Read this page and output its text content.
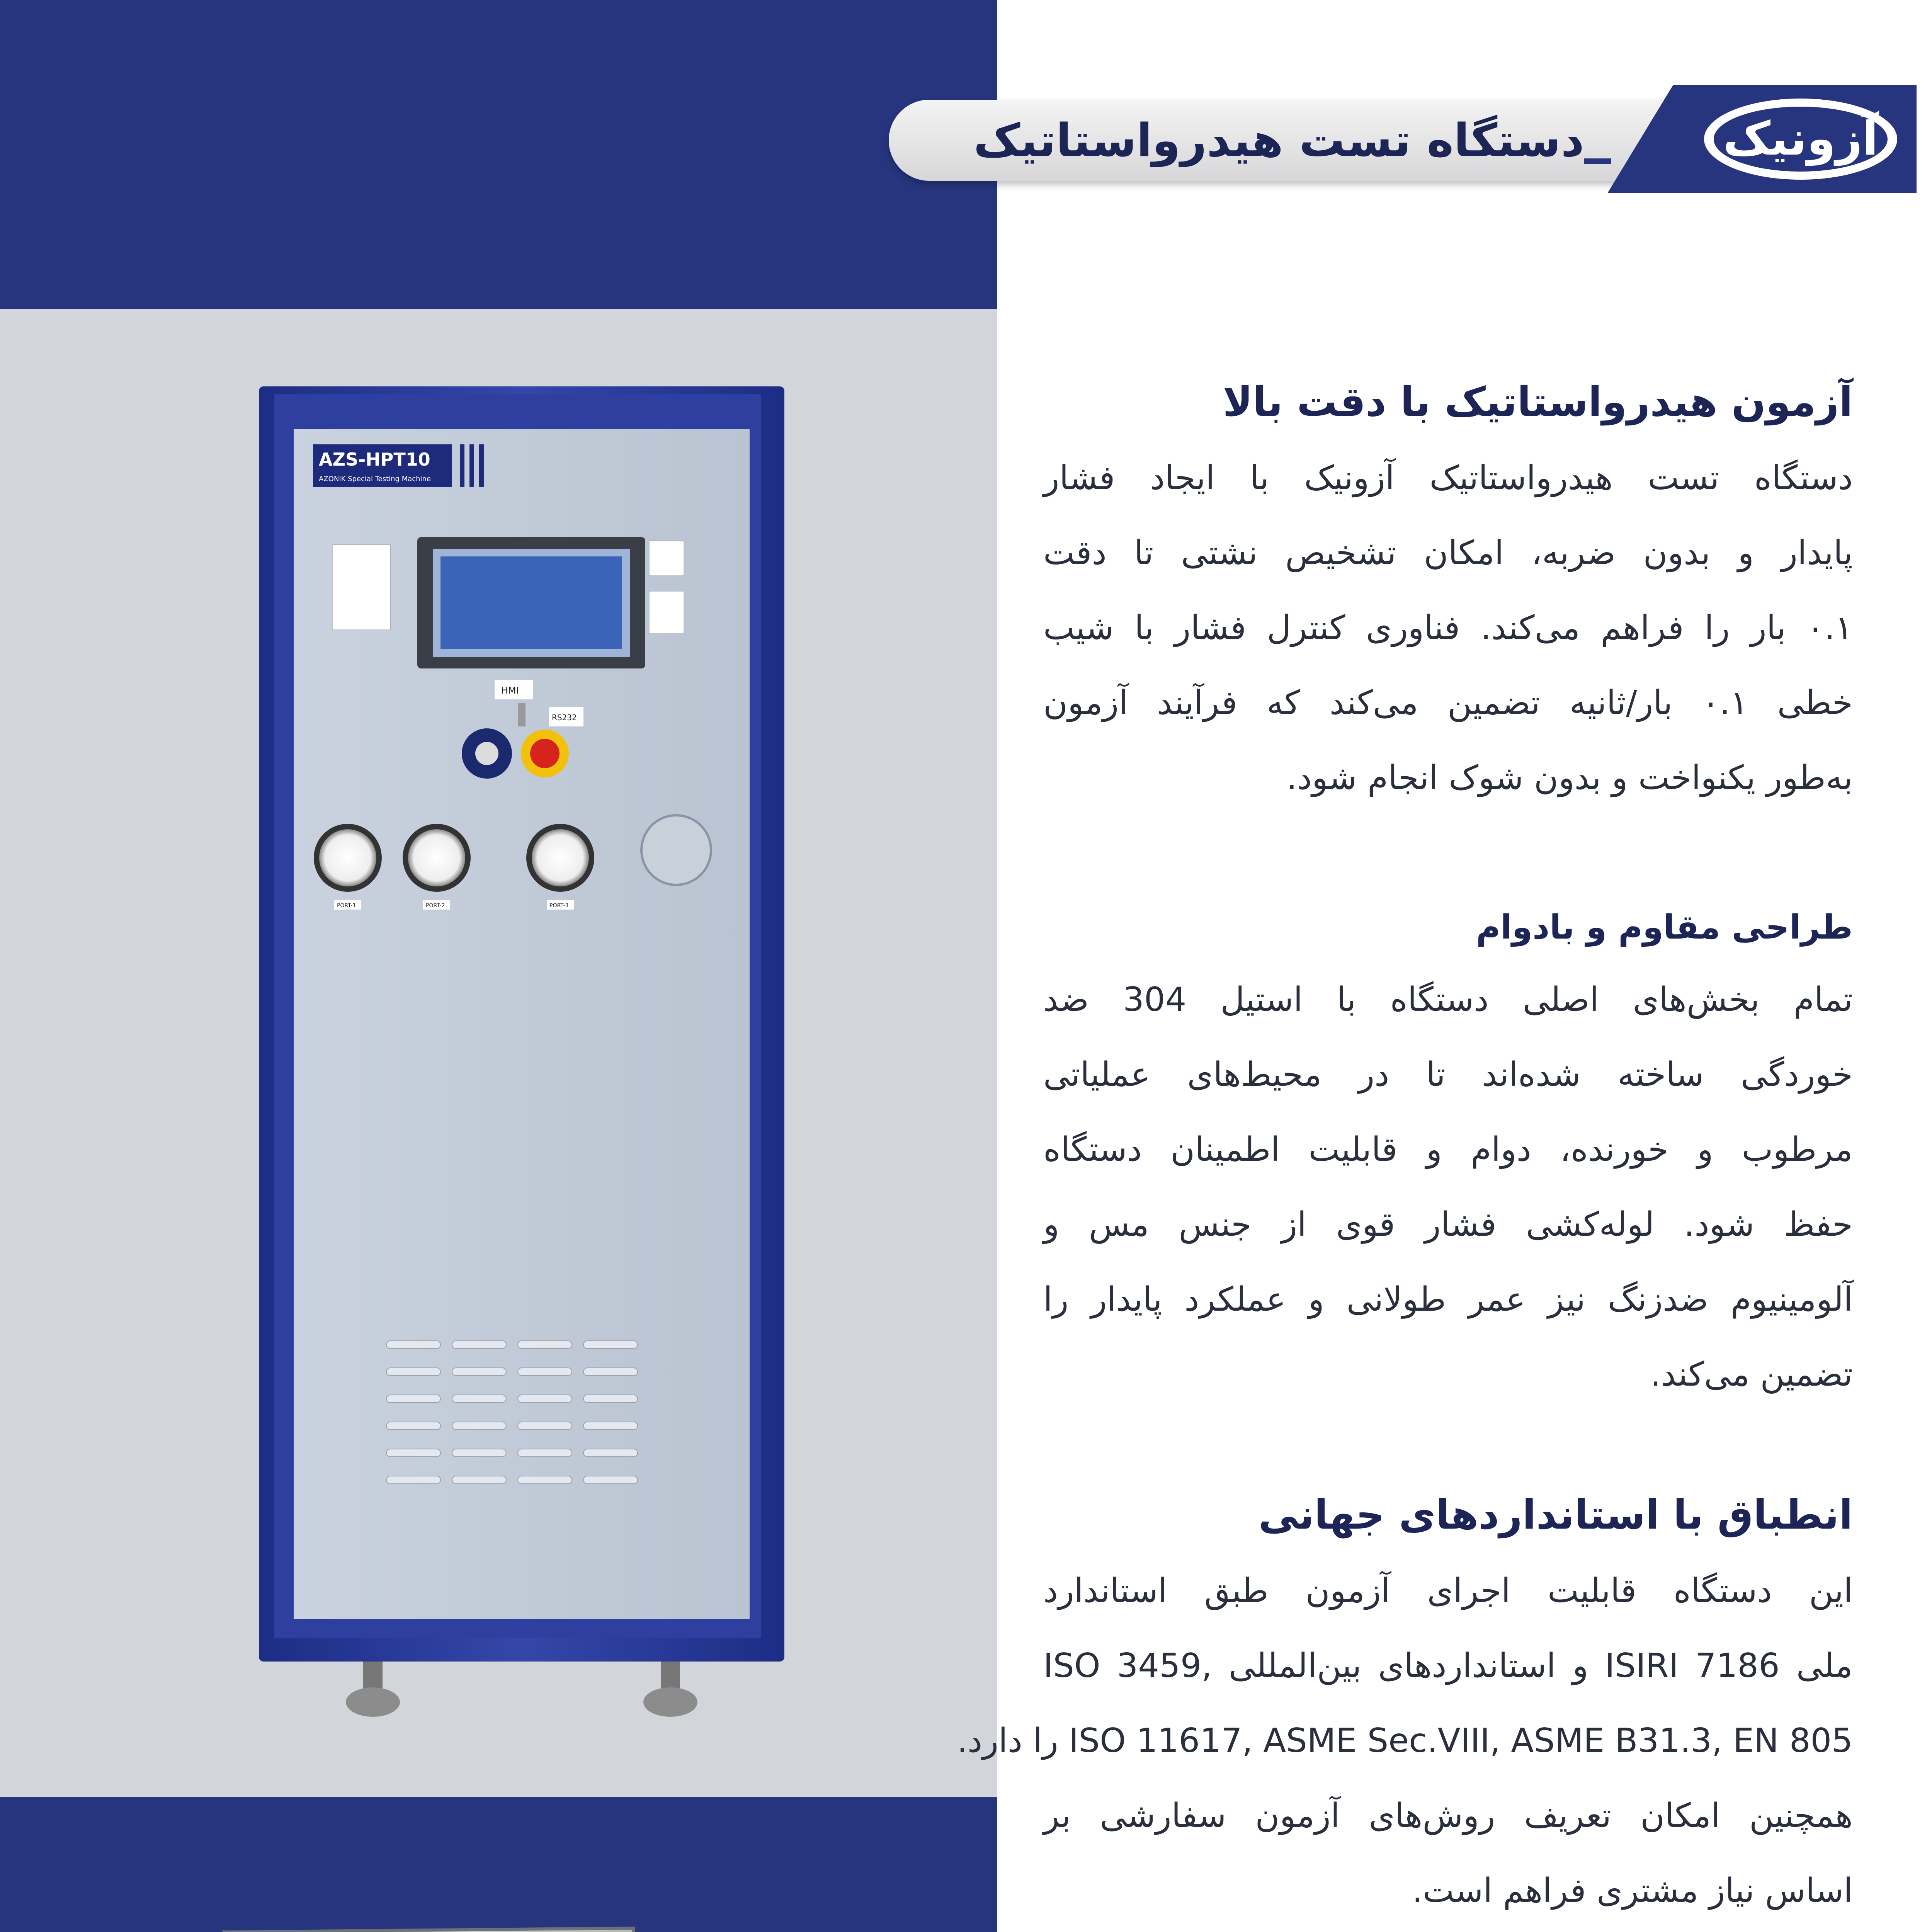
دستگاه تست هیدرواستاتیک	آزونیک
آزمون هیدرواستاتیک با دقت بالا
دستگاه تست هیدرواستاتیک آزونیک با ایجاد فشار
پایدار و بدون ضربه، امکان تشخیص نشتی تا دقت
۰.۱ بار را فراهم می‌کند. فناوری کنترل فشار با شیب
خطی ۰.۱ بار/ثانیه تضمین می‌کند که فرآیند آزمون
به‌طور یکنواخت و بدون شوک انجام شود.
طراحی مقاوم و بادوام
تمام بخش‌های اصلی دستگاه با استیل 304 ضد
خوردگی ساخته شده‌اند تا در محیط‌های عملیاتی
مرطوب و خورنده، دوام و قابلیت اطمینان دستگاه
حفظ شود. لوله‌کشی فشار قوی از جنس مس و
آلومینیوم ضدزنگ نیز عمر طولانی و عملکرد پایدار را
تضمین می‌کند.
انطباق با استانداردهای جهانی
این دستگاه قابلیت اجرای آزمون طبق استاندارد
ملی ISIRI 7186 و استانداردهای بین‌المللی ,ISO 3459
ISO 11617, ASME Sec.VIII, ASME B31.3, EN 805 را دارد.
همچنین امکان تعریف روش‌های آزمون سفارشی بر
اساس نیاز مشتری فراهم است.
AZS-HPT10
AZONIK Special Testing Machine
HMI
RS232
PORT-1	PORT-2	PORT-3
